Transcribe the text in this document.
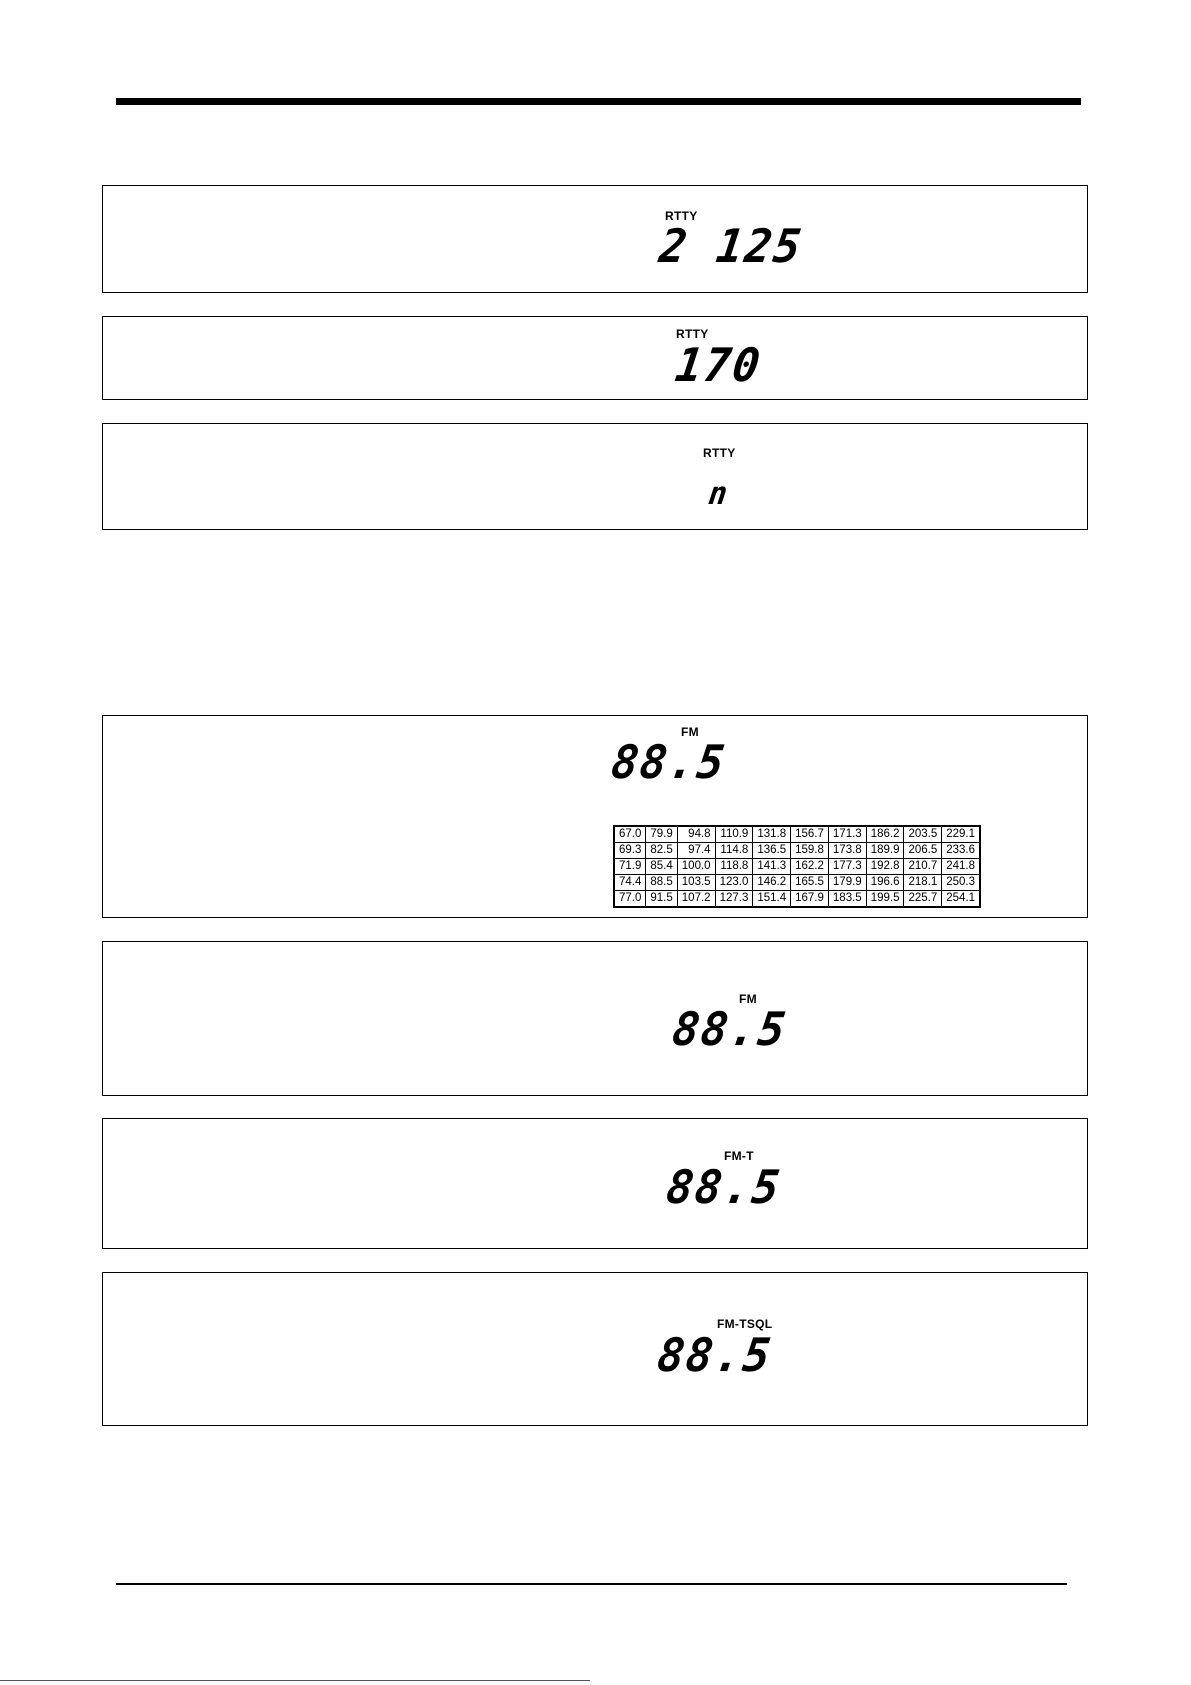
RTTY
2 125
RTTY
170
RTTY
n
FM
88.5
67.0	79.9	94.8	110.9	131.8	156.7	171.3	186.2	203.5	229.1
69.3	82.5	97.4	114.8	136.5	159.8	173.8	189.9	206.5	233.6
71.9	85.4	100.0	118.8	141.3	162.2	177.3	192.8	210.7	241.8
74.4	88.5	103.5	123.0	146.2	165.5	179.9	196.6	218.1	250.3
77.0	91.5	107.2	127.3	151.4	167.9	183.5	199.5	225.7	254.1
FM
88.5
FM-T
88.5
FM-TSQL
88.5
